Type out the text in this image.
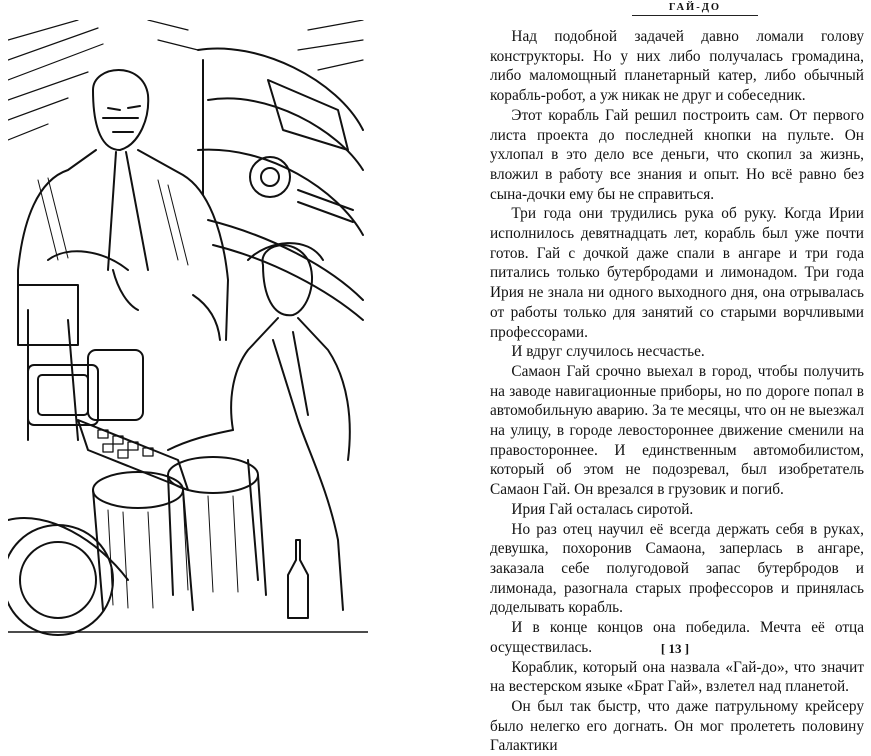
ГАЙ-ДО

Над подобной задачей давно ломали голову конструкторы. Но у них либо получалась громадина, либо маломощный планетарный катер, либо обычный корабль-робот, а уж никак не друг и собеседник.

Этот корабль Гай решил построить сам. От первого листа проекта до последней кнопки на пульте. Он ухлопал в это дело все деньги, что скопил за жизнь, вложил в работу все знания и опыт. Но всё равно без сына-дочки ему бы не справиться.

Три года они трудились рука об руку. Когда Ирии исполнилось девятнадцать лет, корабль был уже почти готов. Гай с дочкой даже спали в ангаре и три года питались только бутербродами и лимонадом. Три года Ирия не знала ни одного выходного дня, она отрывалась от работы только для занятий со старыми ворчливыми профессорами.

И вдруг случилось несчастье.

Самаон Гай срочно выехал в город, чтобы получить на заводе навигационные приборы, но по дороге попал в автомобильную аварию. За те месяцы, что он не выезжал на улицу, в городе левостороннее движение сменили на правостороннее. И единственным автомобилистом, который об этом не подозревал, был изобретатель Самаон Гай. Он врезался в грузовик и погиб.

Ирия Гай осталась сиротой.

Но раз отец научил её всегда держать себя в руках, девушка, похоронив Самаона, заперлась в ангаре, заказала себе полугодовой запас бутербродов и лимонада, разогнала старых профессоров и принялась доделывать корабль.

И в конце концов она победила. Мечта её отца осуществилась.

Кораблик, который она назвала «Гай-до», что значит на вестерском языке «Брат Гай», взлетел над планетой.

Он был так быстр, что даже патрульному крейсеру было нелегко его догнать. Он мог пролететь половину Галактики

[ 13 ]
